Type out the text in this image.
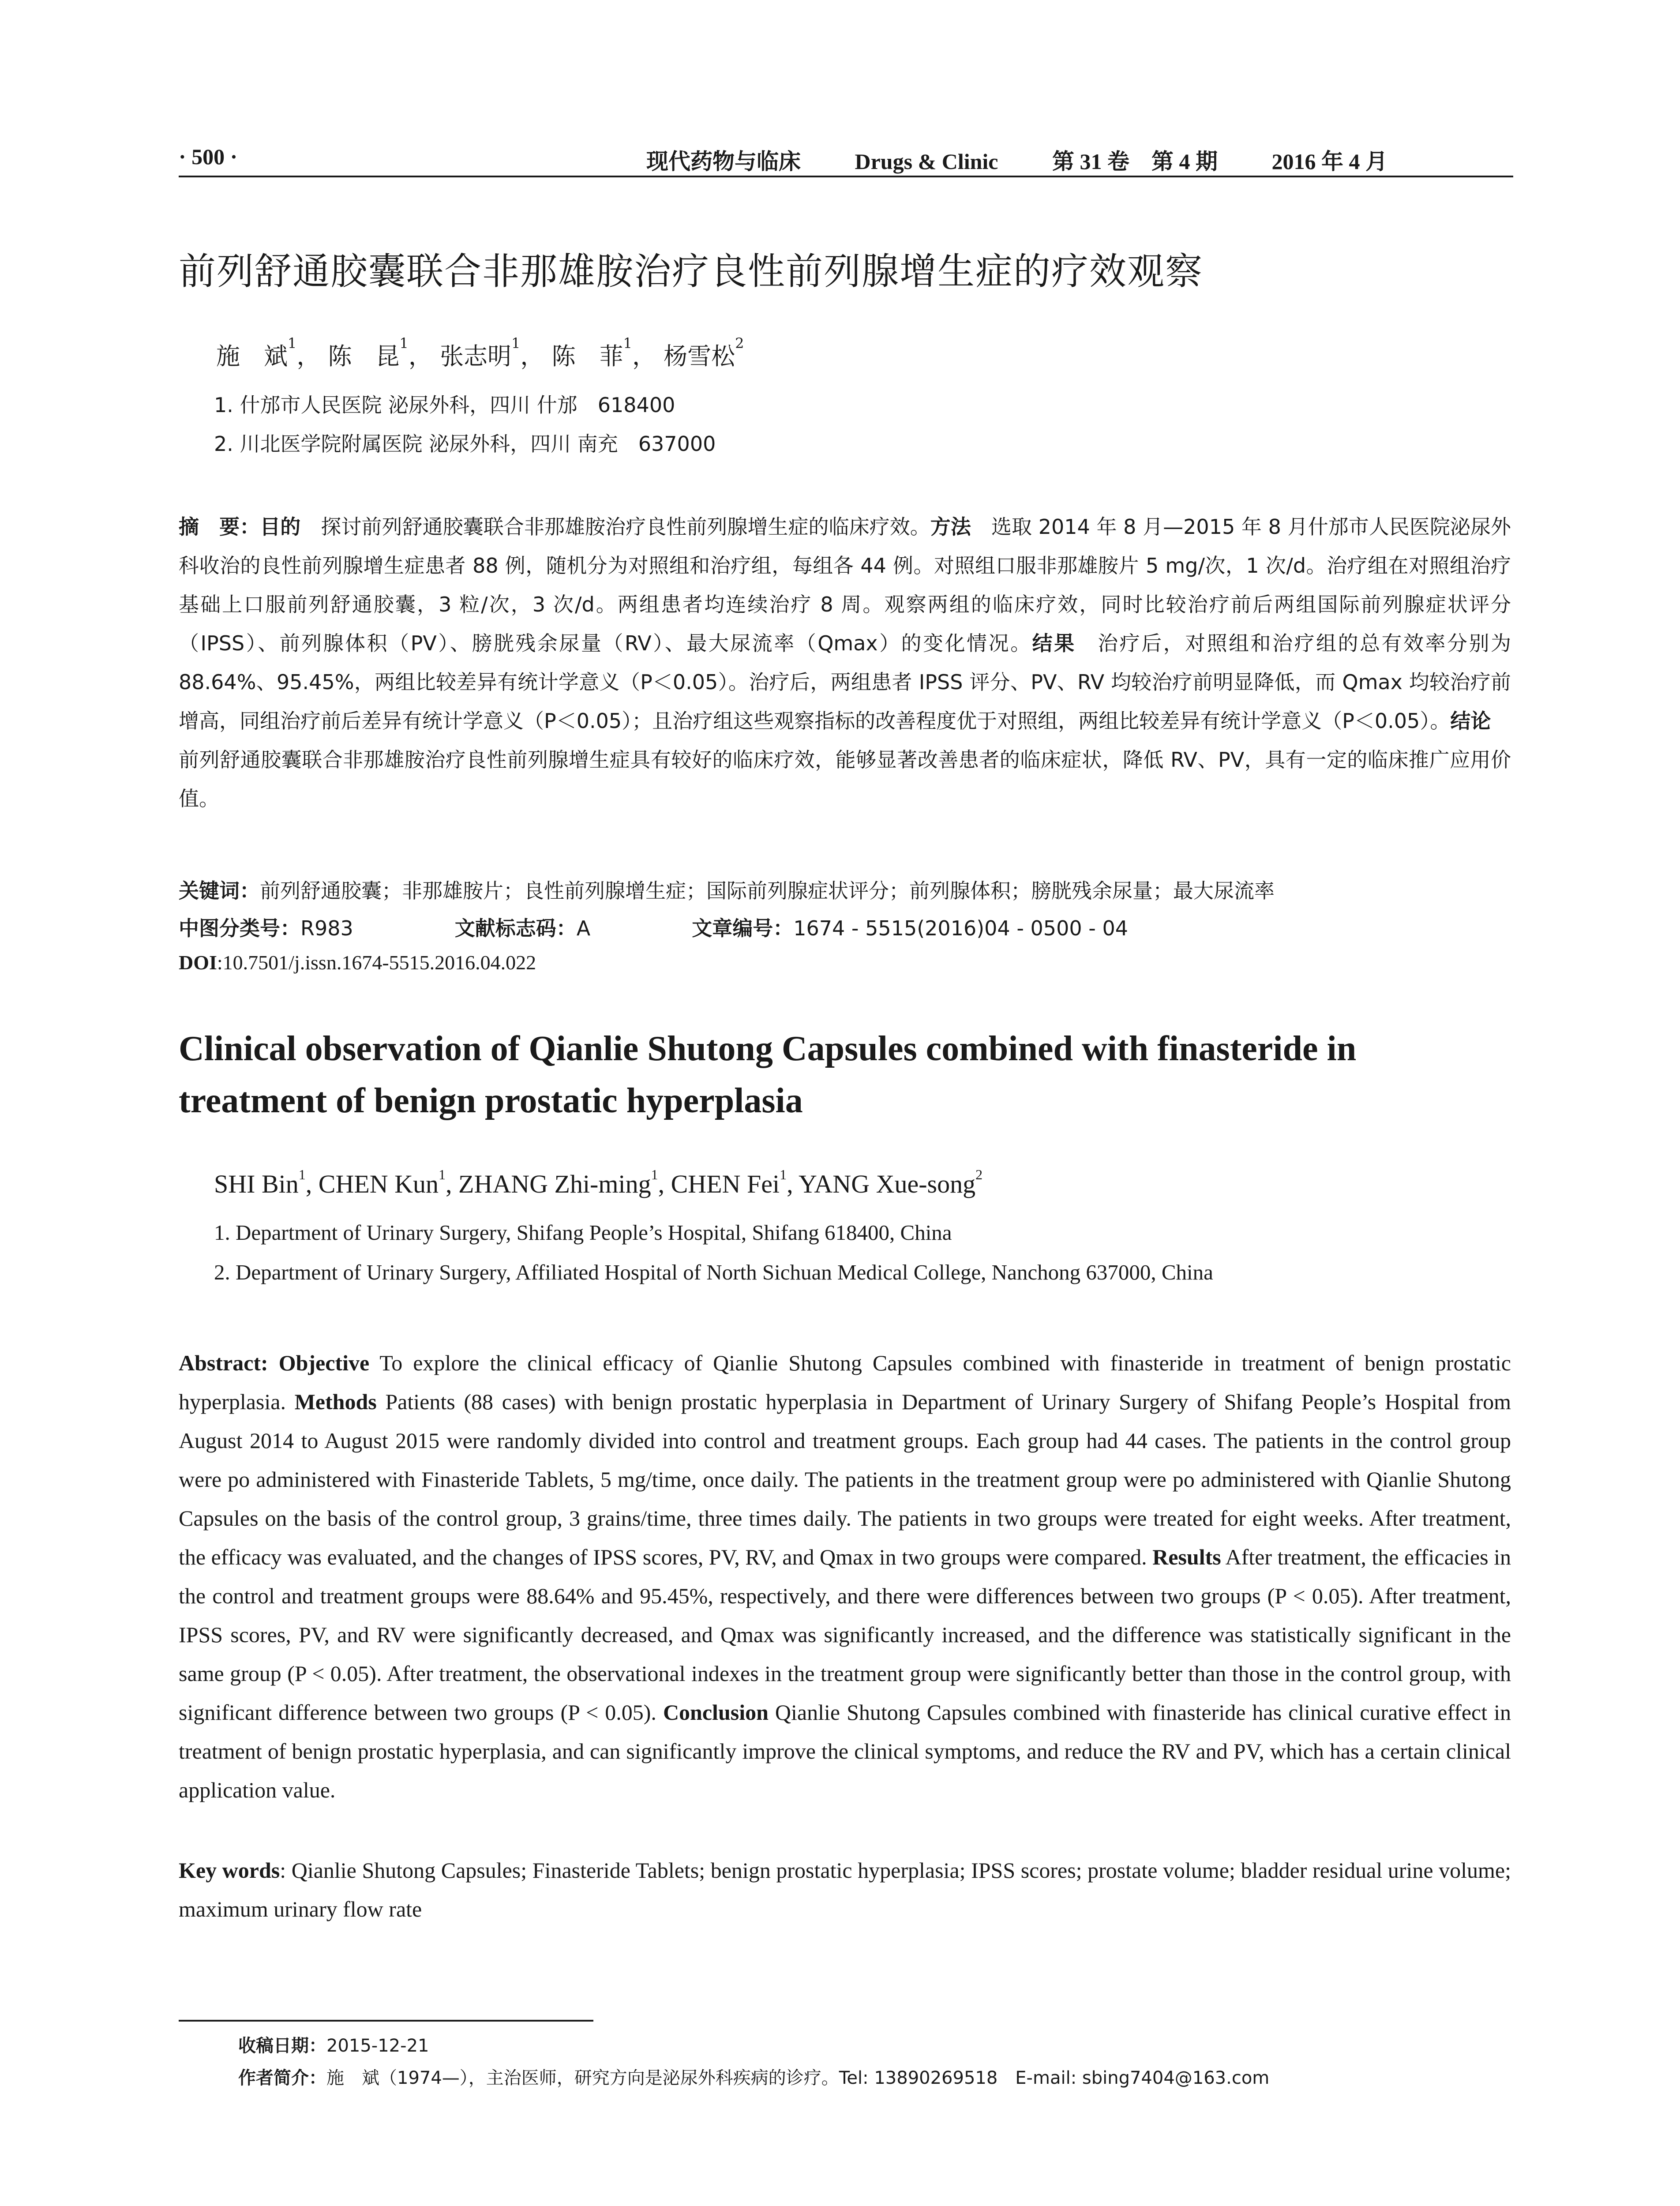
· 500 ·	现代药物与临床 Drugs & Clinic 第 31 卷　第 4 期 2016 年 4 月
前列舒通胶囊联合非那雄胺治疗良性前列腺增生症的疗效观察
施　斌$^1$， 陈　昆$^1$， 张志明$^1$， 陈　菲$^1$， 杨雪松$^2$
1. 什邡市人民医院 泌尿外科，四川 什邡　618400
2. 川北医学院附属医院 泌尿外科，四川 南充　637000
摘　要：目的　探讨前列舒通胶囊联合非那雄胺治疗良性前列腺增生症的临床疗效。方法　选取 2014 年 8 月—2015 年 8 月什邡市人民医院泌尿外科收治的良性前列腺增生症患者 88 例，随机分为对照组和治疗组，每组各 44 例。对照组口服非那雄胺片 5 mg/次，1 次/d。治疗组在对照组治疗基础上口服前列舒通胶囊，3 粒/次，3 次/d。两组患者均连续治疗 8 周。观察两组的临床疗效，同时比较治疗前后两组国际前列腺症状评分（IPSS）、前列腺体积（PV）、膀胱残余尿量（RV）、最大尿流率（Qmax）的变化情况。结果　治疗后，对照组和治疗组的总有效率分别为 88.64%、95.45%，两组比较差异有统计学意义（P＜0.05）。治疗后，两组患者 IPSS 评分、PV、RV 均较治疗前明显降低，而 Qmax 均较治疗前增高，同组治疗前后差异有统计学意义（P＜0.05）；且治疗组这些观察指标的改善程度优于对照组，两组比较差异有统计学意义（P＜0.05）。结论　前列舒通胶囊联合非那雄胺治疗良性前列腺增生症具有较好的临床疗效，能够显著改善患者的临床症状，降低 RV、PV，具有一定的临床推广应用价值。
关键词：前列舒通胶囊；非那雄胺片；良性前列腺增生症；国际前列腺症状评分；前列腺体积；膀胱残余尿量；最大尿流率
中图分类号：R983	文献标志码：A	文章编号：1674 - 5515(2016)04 - 0500 - 04
DOI:10.7501/j.issn.1674-5515.2016.04.022
Clinical observation of Qianlie Shutong Capsules combined with finasteride in treatment of benign prostatic hyperplasia
SHI Bin$^1$, CHEN Kun$^1$, ZHANG Zhi-ming$^1$, CHEN Fei$^1$, YANG Xue-song$^2$
1. Department of Urinary Surgery, Shifang People’s Hospital, Shifang 618400, China
2. Department of Urinary Surgery, Affiliated Hospital of North Sichuan Medical College, Nanchong 637000, China
Abstract: Objective To explore the clinical efficacy of Qianlie Shutong Capsules combined with finasteride in treatment of benign prostatic hyperplasia. Methods Patients (88 cases) with benign prostatic hyperplasia in Department of Urinary Surgery of Shifang People’s Hospital from August 2014 to August 2015 were randomly divided into control and treatment groups. Each group had 44 cases. The patients in the control group were po administered with Finasteride Tablets, 5 mg/time, once daily. The patients in the treatment group were po administered with Qianlie Shutong Capsules on the basis of the control group, 3 grains/time, three times daily. The patients in two groups were treated for eight weeks. After treatment, the efficacy was evaluated, and the changes of IPSS scores, PV, RV, and Qmax in two groups were compared. Results After treatment, the efficacies in the control and treatment groups were 88.64% and 95.45%, respectively, and there were differences between two groups (P < 0.05). After treatment, IPSS scores, PV, and RV were significantly decreased, and Qmax was significantly increased, and the difference was statistically significant in the same group (P < 0.05). After treatment, the observational indexes in the treatment group were significantly better than those in the control group, with significant difference between two groups (P < 0.05). Conclusion Qianlie Shutong Capsules combined with finasteride has clinical curative effect in treatment of benign prostatic hyperplasia, and can significantly improve the clinical symptoms, and reduce the RV and PV, which has a certain clinical application value.
Key words: Qianlie Shutong Capsules; Finasteride Tablets; benign prostatic hyperplasia; IPSS scores; prostate volume; bladder residual urine volume; maximum urinary flow rate
收稿日期：2015-12-21
作者简介：施　斌（1974—），主治医师，研究方向是泌尿外科疾病的诊疗。Tel: 13890269518　E-mail: sbing7404@163.com
